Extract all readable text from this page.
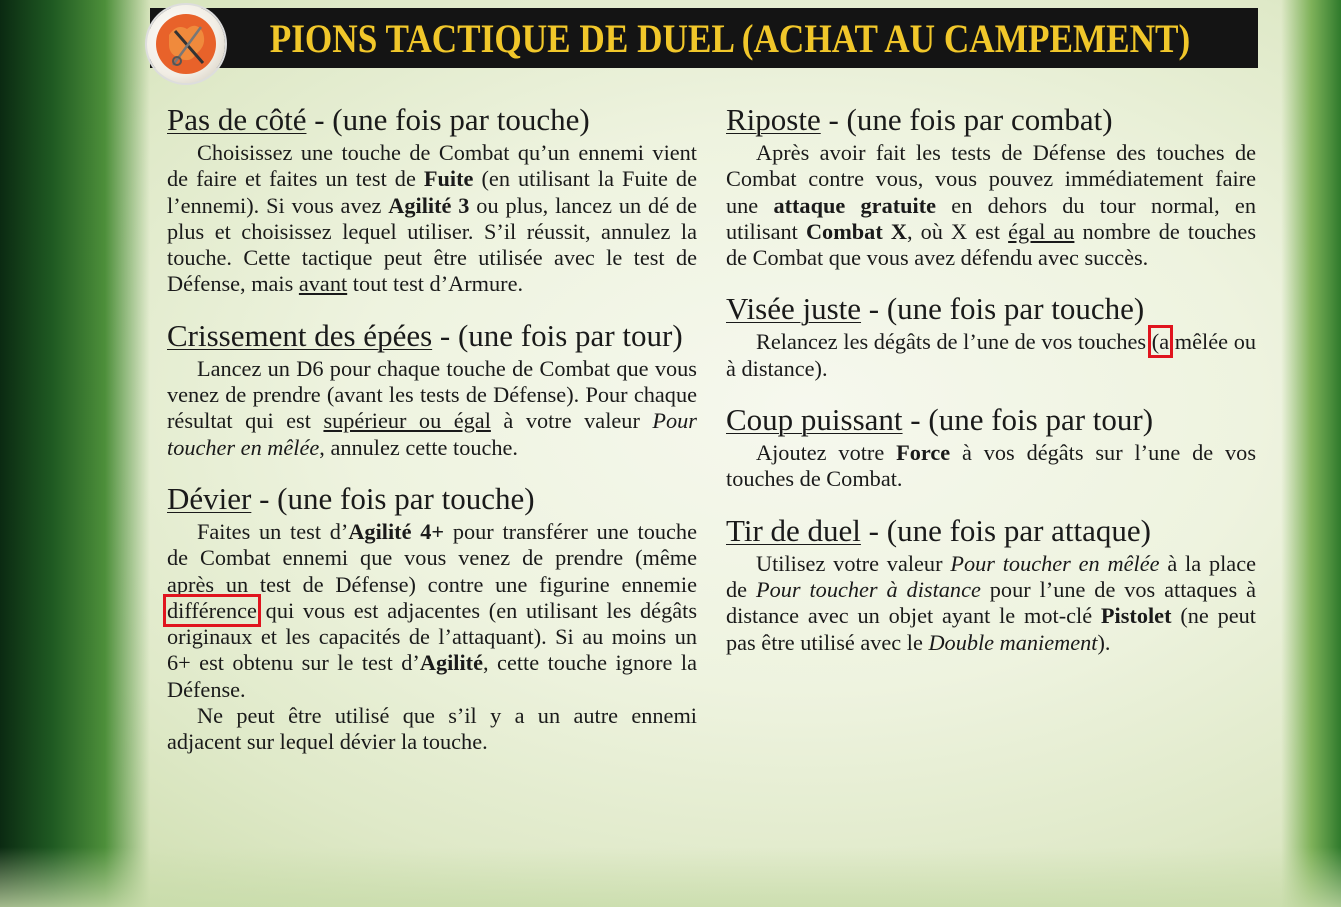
PIONS TACTIQUE DE DUEL (ACHAT AU CAMPEMENT)

Pas de côté - (une fois par touche)

Choisissez une touche de Combat qu’un ennemi vient de faire et faites un test de Fuite (en utilisant la Fuite de l’ennemi). Si vous avez Agilité 3 ou plus, lancez un dé de plus et choisissez lequel utiliser. S’il réussit, annulez la touche. Cette tactique peut être utilisée avec le test de Défense, mais avant tout test d’Armure.

Crissement des épées - (une fois par tour)

Lancez un D6 pour chaque touche de Combat que vous venez de prendre (avant les tests de Défense). Pour chaque résultat qui est supérieur ou égal à votre valeur Pour toucher en mêlée, annulez cette touche.

Dévier - (une fois par touche)

Faites un test d’Agilité 4+ pour transférer une touche de Combat ennemi que vous venez de prendre (même après un test de Défense) contre une figurine ennemie différence qui vous est adjacentes (en utilisant les dégâts originaux et les capacités de l’attaquant). Si au moins un 6+ est obtenu sur le test d’Agilité, cette touche ignore la Défense.

Ne peut être utilisé que s’il y a un autre ennemi adjacent sur lequel dévier la touche.

Riposte - (une fois par combat)

Après avoir fait les tests de Défense des touches de Combat contre vous, vous pouvez immédiatement faire une attaque gratuite en dehors du tour normal, en utilisant Combat X, où X est égal au nombre de touches de Combat que vous avez défendu avec succès.

Visée juste - (une fois par touche)

Relancez les dégâts de l’une de vos touches (a mêlée ou à distance).

Coup puissant - (une fois par tour)

Ajoutez votre Force à vos dégâts sur l’une de vos touches de Combat.

Tir de duel - (une fois par attaque)

Utilisez votre valeur Pour toucher en mêlée à la place de Pour toucher à distance pour l’une de vos attaques à distance avec un objet ayant le mot-clé Pistolet (ne peut pas être utilisé avec le Double maniement).
